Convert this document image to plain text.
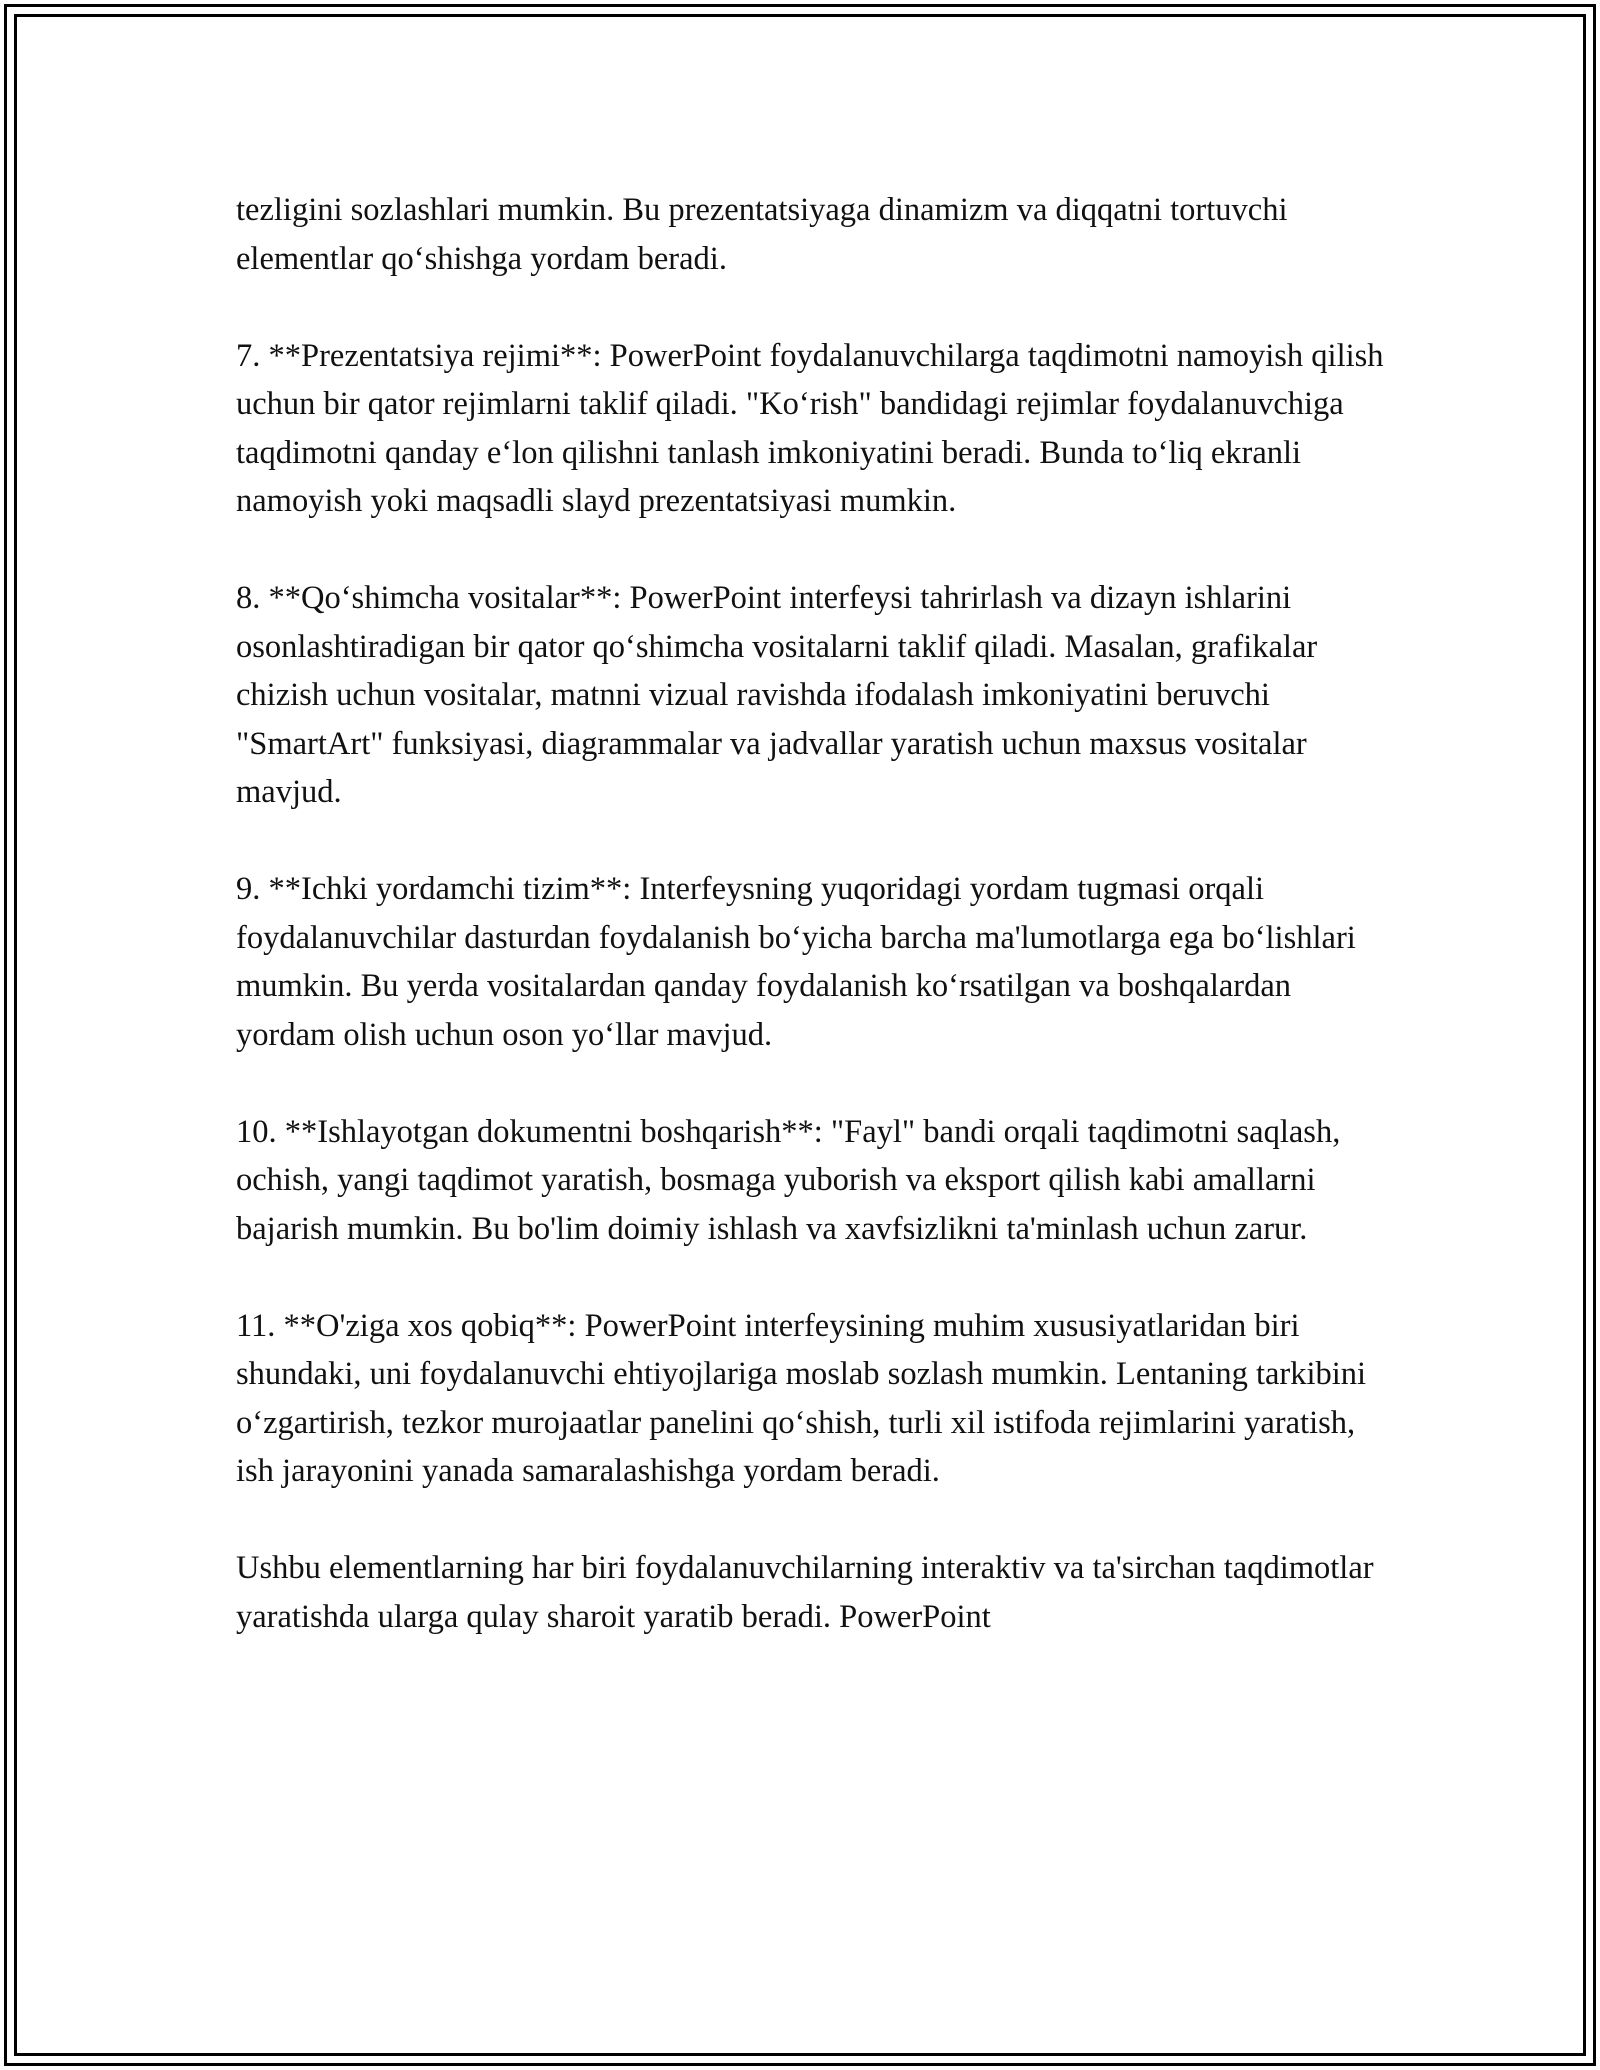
tezligini sozlashlari mumkin. Bu prezentatsiyaga dinamizm va diqqatni tortuvchi elementlar qo‘shishga yordam beradi.

7. **Prezentatsiya rejimi**: PowerPoint foydalanuvchilarga taqdimotni namoyish qilish uchun bir qator rejimlarni taklif qiladi. "Ko‘rish" bandidagi rejimlar foydalanuvchiga taqdimotni qanday e‘lon qilishni tanlash imkoniyatini beradi. Bunda to‘liq ekranli namoyish yoki maqsadli slayd prezentatsiyasi mumkin.

8. **Qo‘shimcha vositalar**: PowerPoint interfeysi tahrirlash va dizayn ishlarini osonlashtiradigan bir qator qo‘shimcha vositalarni taklif qiladi. Masalan, grafikalar chizish uchun vositalar, matnni vizual ravishda ifodalash imkoniyatini beruvchi "SmartArt" funksiyasi, diagrammalar va jadvallar yaratish uchun maxsus vositalar mavjud.

9. **Ichki yordamchi tizim**: Interfeysning yuqoridagi yordam tugmasi orqali foydalanuvchilar dasturdan foydalanish bo‘yicha barcha ma'lumotlarga ega bo‘lishlari mumkin. Bu yerda vositalardan qanday foydalanish ko‘rsatilgan va boshqalardan yordam olish uchun oson yo‘llar mavjud.

10. **Ishlayotgan dokumentni boshqarish**: "Fayl" bandi orqali taqdimotni saqlash, ochish, yangi taqdimot yaratish, bosmaga yuborish va eksport qilish kabi amallarni bajarish mumkin. Bu bo'lim doimiy ishlash va xavfsizlikni ta'minlash uchun zarur.

11. **O'ziga xos qobiq**: PowerPoint interfeysining muhim xususiyatlaridan biri shundaki, uni foydalanuvchi ehtiyojlariga moslab sozlash mumkin. Lentaning tarkibini o‘zgartirish, tezkor murojaatlar panelini qo‘shish, turli xil istifoda rejimlarini yaratish, ish jarayonini yanada samaralashishga yordam beradi.

Ushbu elementlarning har biri foydalanuvchilarning interaktiv va ta'sirchan taqdimotlar yaratishda ularga qulay sharoit yaratib beradi. PowerPoint
